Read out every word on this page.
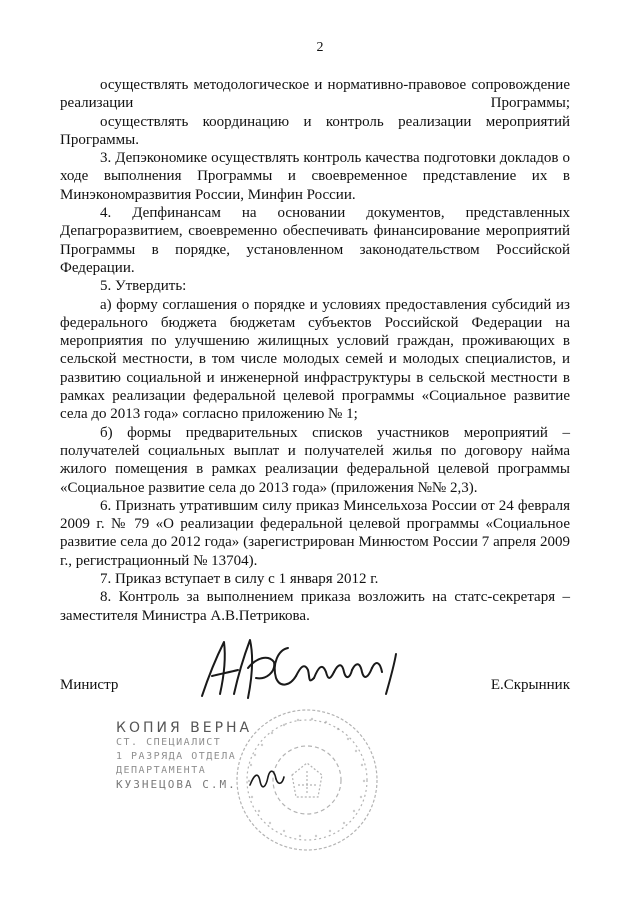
2

осуществлять методологическое и нормативно-правовое сопровождение реализации Программы;

осуществлять координацию и контроль реализации мероприятий Программы.

3. Депэкономике осуществлять контроль качества подготовки докладов о ходе выполнения Программы и своевременное представление их в Минэкономразвития России, Минфин России.

4. Депфинансам на основании документов, представленных Депагроразвитием, своевременно обеспечивать финансирование мероприятий Программы в порядке, установленном законодательством Российской Федерации.

5. Утвердить:

а) форму соглашения о порядке и условиях предоставления субсидий из федерального бюджета бюджетам субъектов Российской Федерации на мероприятия по улучшению жилищных условий граждан, проживающих в сельской местности, в том числе молодых семей и молодых специалистов, и развитию социальной и инженерной инфраструктуры в сельской местности в рамках реализации федеральной целевой программы «Социальное развитие села до 2013 года» согласно приложению № 1;

б) формы предварительных списков участников мероприятий – получателей социальных выплат и получателей жилья по договору найма жилого помещения в рамках реализации федеральной целевой программы «Социальное развитие села до 2013 года» (приложения №№ 2,3).

6. Признать утратившим силу приказ Минсельхоза России от 24 февраля 2009 г. № 79 «О реализации федеральной целевой программы «Социальное развитие села до 2012 года» (зарегистрирован Минюстом России 7 апреля 2009 г., регистрационный № 13704).

7. Приказ вступает в силу с 1 января 2012 г.

8. Контроль за выполнением приказа возложить на статс-секретаря – заместителя Министра А.В.Петрикова.

Министр	Е.Скрынник
КОПИЯ ВЕРНА
СТ. СПЕЦИАЛИСТ
1 РАЗРЯДА ОТДЕЛА
ДЕПАРТАМЕНТА
КУЗНЕЦОВА С.М.
